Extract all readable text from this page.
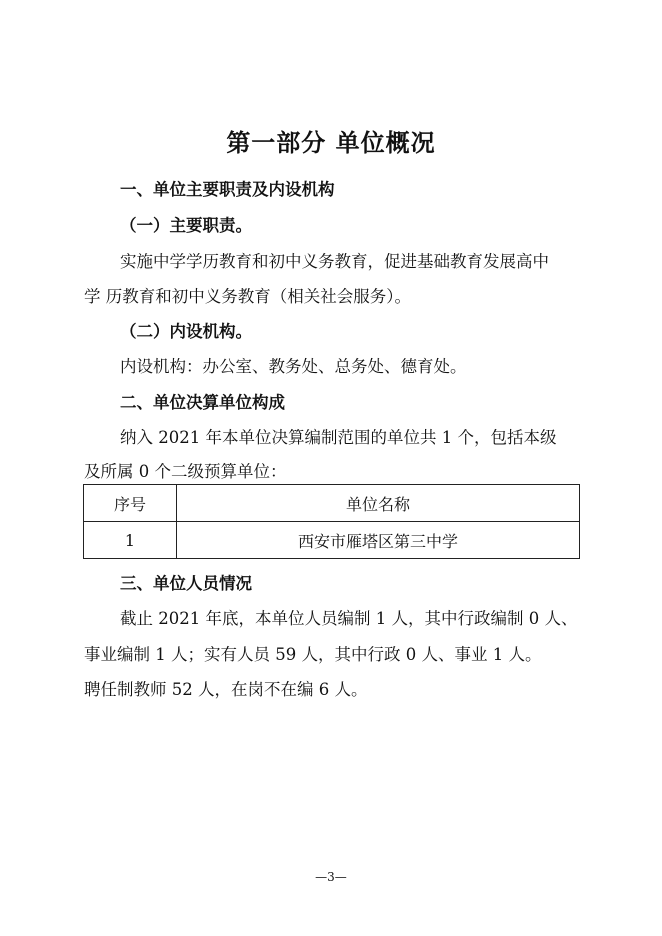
第一部分 单位概况
一、单位主要职责及内设机构
（一）主要职责。
实施中学学历教育和初中义务教育，促进基础教育发展高中
学 历教育和初中义务教育（相关社会服务）。
（二）内设机构。
内设机构：办公室、教务处、总务处、德育处。
二、单位决算单位构成
纳入 2021 年本单位决算编制范围的单位共 1 个，包括本级
及所属 0 个二级预算单位：
序号	单位名称
1	西安市雁塔区第三中学
三、单位人员情况
截止 2021 年底，本单位人员编制 1 人，其中行政编制 0 人、
事业编制 1 人；实有人员 59 人，其中行政 0 人、事业 1 人。
聘任制教师 52 人，在岗不在编 6 人。
—3—
